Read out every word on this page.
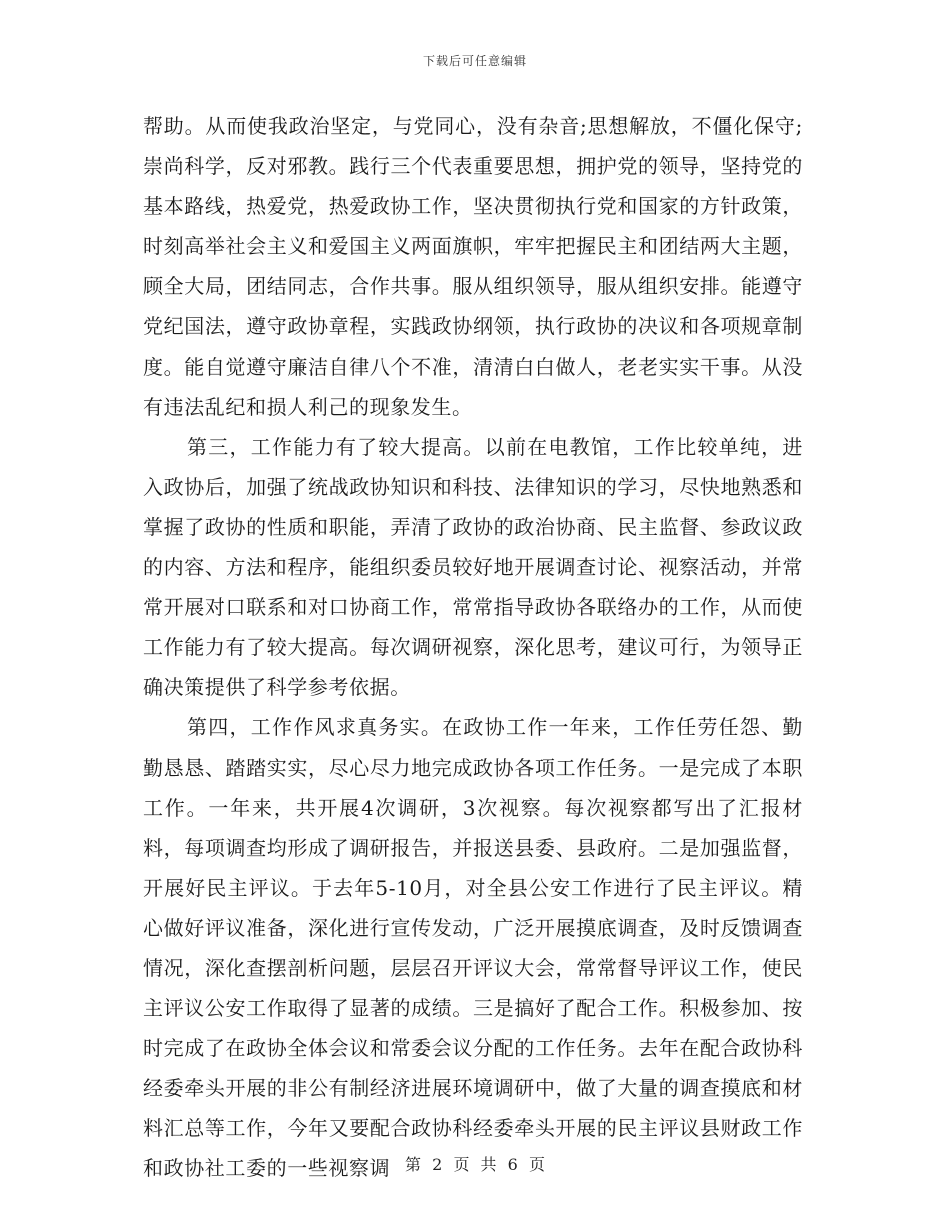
下载后可任意编辑

帮助。从而使我政治坚定，与党同心，没有杂音;思想解放，不僵化保守;崇尚科学，反对邪教。践行三个代表重要思想，拥护党的领导，坚持党的基本路线，热爱党，热爱政协工作，坚决贯彻执行党和国家的方针政策，时刻高举社会主义和爱国主义两面旗帜，牢牢把握民主和团结两大主题，顾全大局，团结同志，合作共事。服从组织领导，服从组织安排。能遵守党纪国法，遵守政协章程，实践政协纲领，执行政协的决议和各项规章制度。能自觉遵守廉洁自律八个不准，清清白白做人，老老实实干事。从没有违法乱纪和损人利己的现象发生。

第三，工作能力有了较大提高。以前在电教馆，工作比较单纯，进入政协后，加强了统战政协知识和科技、法律知识的学习，尽快地熟悉和掌握了政协的性质和职能，弄清了政协的政治协商、民主监督、参政议政的内容、方法和程序，能组织委员较好地开展调查讨论、视察活动，并常常开展对口联系和对口协商工作，常常指导政协各联络办的工作，从而使工作能力有了较大提高。每次调研视察，深化思考，建议可行，为领导正确决策提供了科学参考依据。

第四，工作作风求真务实。在政协工作一年来，工作任劳任怨、勤勤恳恳、踏踏实实，尽心尽力地完成政协各项工作任务。一是完成了本职工作。一年来，共开展4次调研，3次视察。每次视察都写出了汇报材料，每项调查均形成了调研报告，并报送县委、县政府。二是加强监督，开展好民主评议。于去年5-10月，对全县公安工作进行了民主评议。精心做好评议准备，深化进行宣传发动，广泛开展摸底调查，及时反馈调查情况，深化查摆剖析问题，层层召开评议大会，常常督导评议工作，使民主评议公安工作取得了显著的成绩。三是搞好了配合工作。积极参加、按时完成了在政协全体会议和常委会议分配的工作任务。去年在配合政协科经委牵头开展的非公有制经济进展环境调研中，做了大量的调查摸底和材料汇总等工作，今年又要配合政协科经委牵头开展的民主评议县财政工作和政协社工委的一些视察调 第 2 页 共 6 页
